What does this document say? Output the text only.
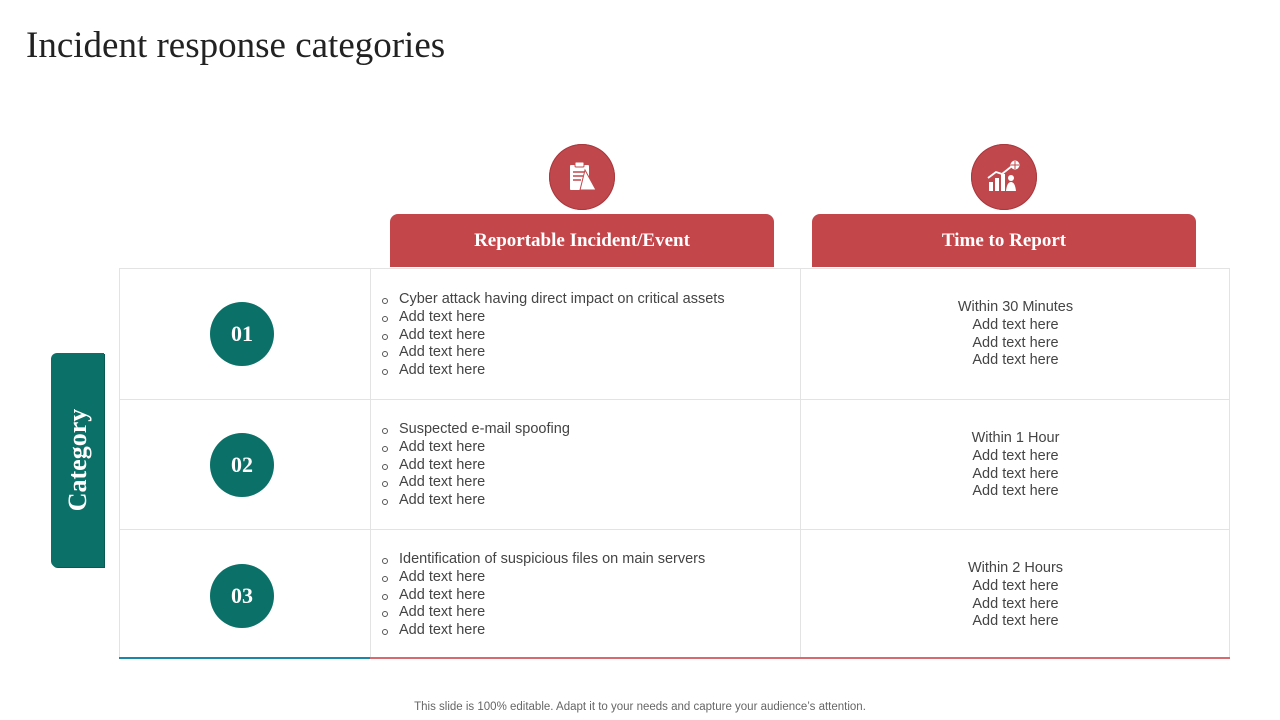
Incident response categories
Reportable Incident/Event	Time to Report
Category
01
Cyber attack having direct impact on critical assets
Add text here
Add text here
Add text here
Add text here
Within 30 Minutes
Add text here
Add text here
Add text here
02
Suspected e-mail spoofing
Add text here
Add text here
Add text here
Add text here
Within 1 Hour
Add text here
Add text here
Add text here
03
Identification of suspicious files on main servers
Add text here
Add text here
Add text here
Add text here
Within 2 Hours
Add text here
Add text here
Add text here
This slide is 100% editable. Adapt it to your needs and capture your audience’s attention.
